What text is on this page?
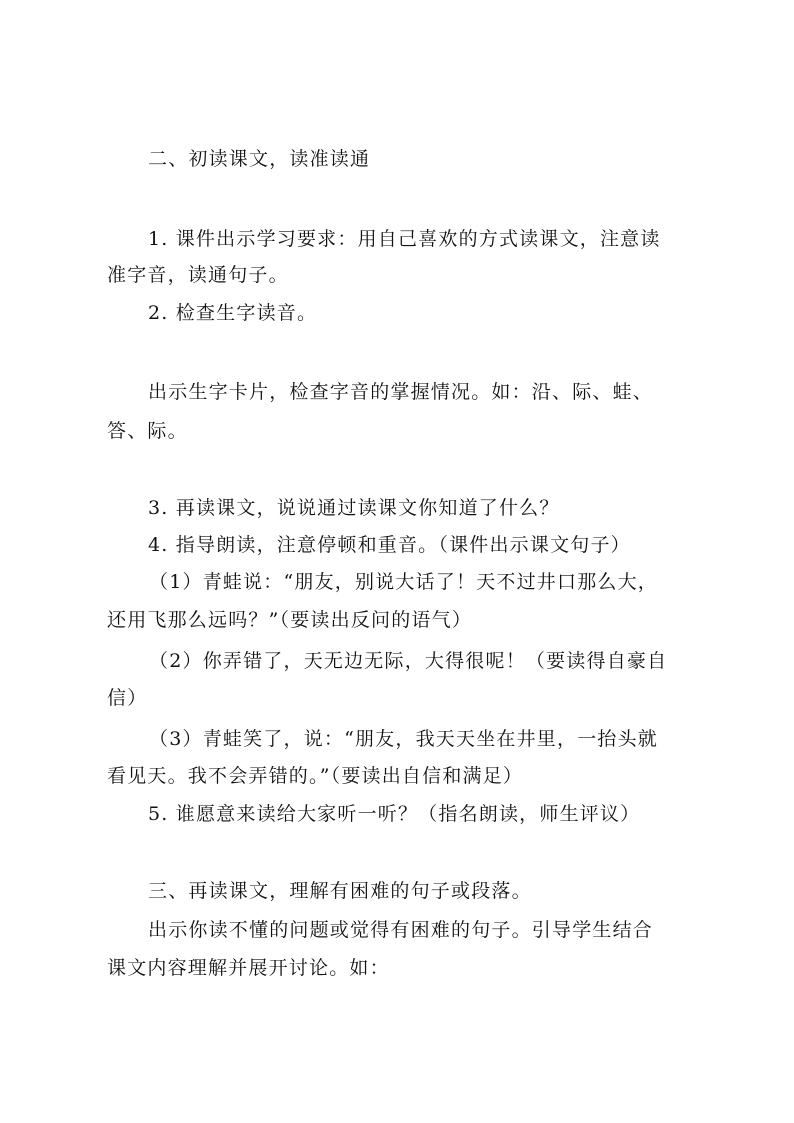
二、初读课文，读准读通
1. 课件出示学习要求：用自己喜欢的方式读课文，注意读
准字音，读通句子。
2. 检查生字读音。
出示生字卡片，检查字音的掌握情况。如：沿、际、蛙、
答、际。
3. 再读课文，说说通过读课文你知道了什么？
4. 指导朗读，注意停顿和重音。（课件出示课文句子）
（1）青蛙说：“朋友，别说大话了！天不过井口那么大，
还用飞那么远吗？”（要读出反问的语气）
（2）你弄错了，天无边无际，大得很呢！（要读得自豪自
信）
（3）青蛙笑了，说：“朋友，我天天坐在井里，一抬头就
看见天。我不会弄错的。”（要读出自信和满足）
5. 谁愿意来读给大家听一听？（指名朗读，师生评议）
三、再读课文，理解有困难的句子或段落。
出示你读不懂的问题或觉得有困难的句子。引导学生结合
课文内容理解并展开讨论。如：
